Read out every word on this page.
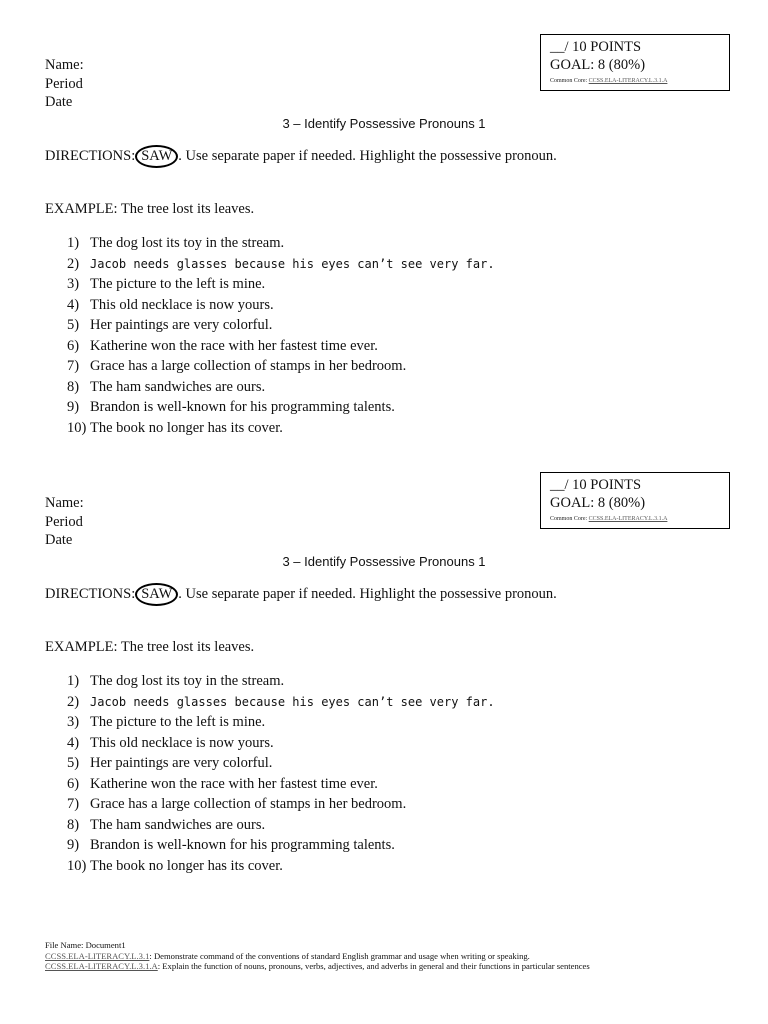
__/ 10 POINTS
GOAL: 8 (80%)
Common Core: CCSS.ELA-LITERACY.L.3.1.A
Name:
Period
Date
3 – Identify Possessive Pronouns 1
DIRECTIONS: SAW . Use separate paper if needed. Highlight the possessive pronoun.
EXAMPLE: The tree lost its leaves.
1) The dog lost its toy in the stream.
2) Jacob needs glasses because his eyes can’t see very far.
3) The picture to the left is mine.
4) This old necklace is now yours.
5) Her paintings are very colorful.
6) Katherine won the race with her fastest time ever.
7) Grace has a large collection of stamps in her bedroom.
8) The ham sandwiches are ours.
9) Brandon is well-known for his programming talents.
10) The book no longer has its cover.
__/ 10 POINTS
GOAL: 8 (80%)
Common Core: CCSS.ELA-LITERACY.L.3.1.A
Name:
Period
Date
3 – Identify Possessive Pronouns 1
DIRECTIONS: SAW . Use separate paper if needed. Highlight the possessive pronoun.
EXAMPLE: The tree lost its leaves.
1) The dog lost its toy in the stream.
2) Jacob needs glasses because his eyes can’t see very far.
3) The picture to the left is mine.
4) This old necklace is now yours.
5) Her paintings are very colorful.
6) Katherine won the race with her fastest time ever.
7) Grace has a large collection of stamps in her bedroom.
8) The ham sandwiches are ours.
9) Brandon is well-known for his programming talents.
10) The book no longer has its cover.
File Name: Document1
CCSS.ELA-LITERACY.L.3.1: Demonstrate command of the conventions of standard English grammar and usage when writing or speaking.
CCSS.ELA-LITERACY.L.3.1.A: Explain the function of nouns, pronouns, verbs, adjectives, and adverbs in general and their functions in particular sentences
